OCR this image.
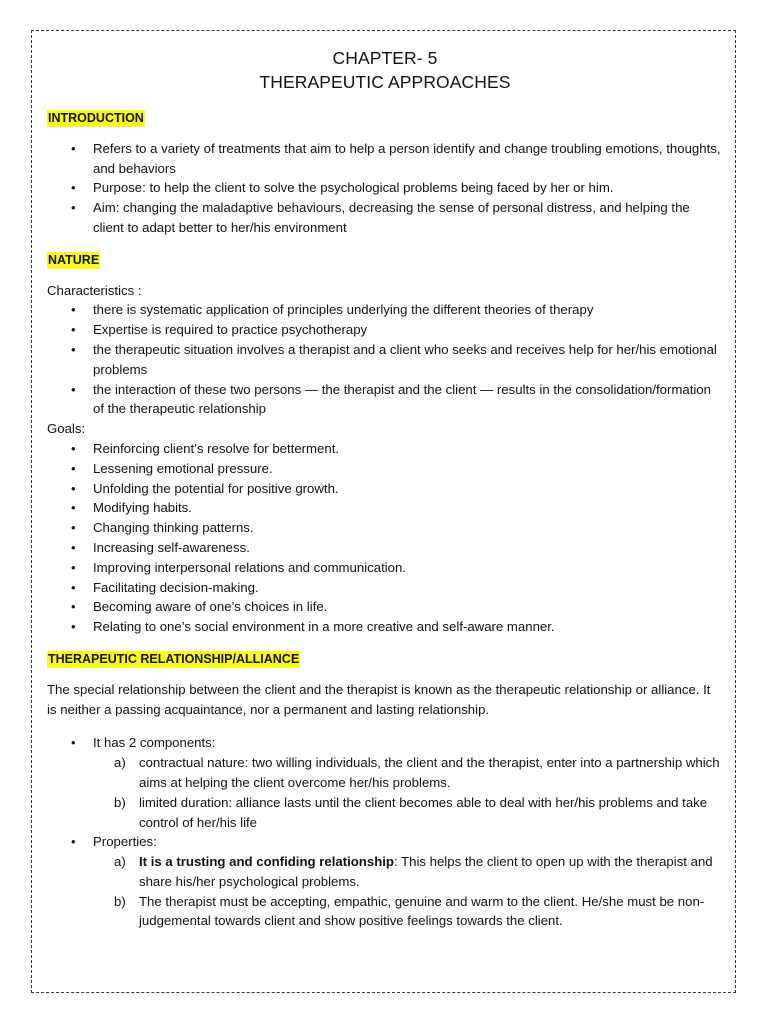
CHAPTER- 5
THERAPEUTIC APPROACHES
INTRODUCTION
• Refers to a variety of treatments that aim to help a person identify and change troubling emotions, thoughts, and behaviors
• Purpose: to help the client to solve the psychological problems being faced by her or him.
• Aim: changing the maladaptive behaviours, decreasing the sense of personal distress, and helping the client to adapt better to her/his environment
NATURE

Characteristics :

• there is systematic application of principles underlying the different theories of therapy
• Expertise is required to practice psychotherapy
• the therapeutic situation involves a therapist and a client who seeks and receives help for her/his emotional problems
• the interaction of these two persons — the therapist and the client — results in the consolidation/formation of the therapeutic relationship

Goals:

• Reinforcing client’s resolve for betterment.
• Lessening emotional pressure.
• Unfolding the potential for positive growth.
• Modifying habits.
• Changing thinking patterns.
• Increasing self-awareness.
• Improving interpersonal relations and communication.
• Facilitating decision-making.
• Becoming aware of one’s choices in life.
• Relating to one’s social environment in a more creative and self-aware manner.
THERAPEUTIC RELATIONSHIP/ALLIANCE

The special relationship between the client and the therapist is known as the therapeutic relationship or alliance. It is neither a passing acquaintance, nor a permanent and lasting relationship.

• It has 2 components:
a) contractual nature: two willing individuals, the client and the therapist, enter into a partnership which aims at helping the client overcome her/his problems.
b) limited duration: alliance lasts until the client becomes able to deal with her/his problems and take control of her/his life
• Properties:
a) It is a trusting and confiding relationship: This helps the client to open up with the therapist and share his/her psychological problems.
b) The therapist must be accepting, empathic, genuine and warm to the client. He/she must be non-judgemental towards client and show positive feelings towards the client.
